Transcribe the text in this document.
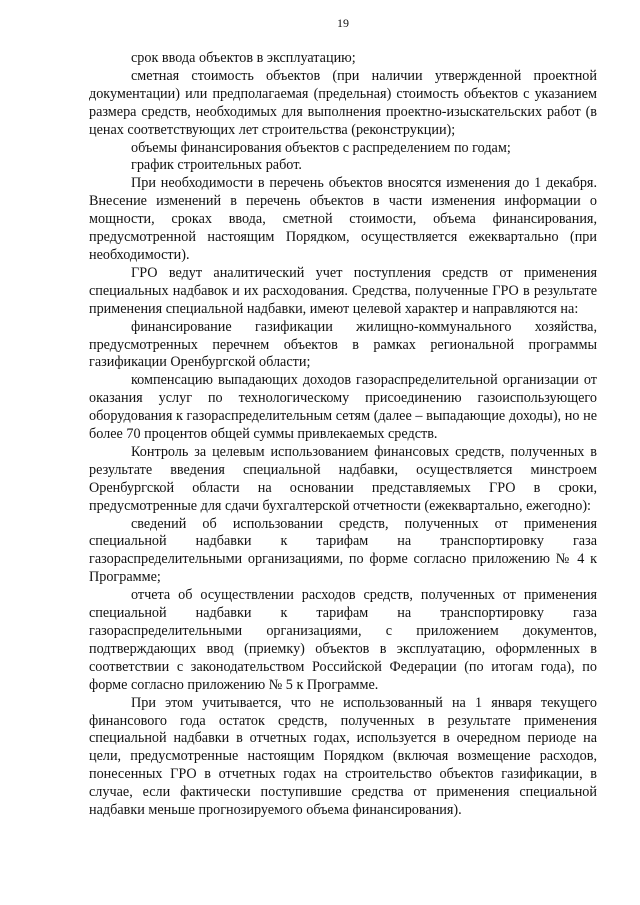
19

срок ввода объектов в эксплуатацию;

сметная стоимость объектов (при наличии утвержденной проектной документации) или предполагаемая (предельная) стоимость объектов с указанием размера средств, необходимых для выполнения проектно-изыскательских работ (в ценах соответствующих лет строительства (реконструкции);

объемы финансирования объектов с распределением по годам;

график строительных работ.

При необходимости в перечень объектов вносятся изменения до 1 декабря. Внесение изменений в перечень объектов в части изменения информации о мощности, сроках ввода, сметной стоимости, объема финансирования, предусмотренной настоящим Порядком, осуществляется ежеквартально (при необходимости).

ГРО ведут аналитический учет поступления средств от применения специальных надбавок и их расходования. Средства, полученные ГРО в результате применения специальной надбавки, имеют целевой характер и направляются на:

финансирование газификации жилищно-коммунального хозяйства, предусмотренных перечнем объектов в рамках региональной программы газификации Оренбургской области;

компенсацию выпадающих доходов газораспределительной организации от оказания услуг по технологическому присоединению газоиспользующего оборудования к газораспределительным сетям (далее – выпадающие доходы), но не более 70 процентов общей суммы привлекаемых средств.

Контроль за целевым использованием финансовых средств, полученных в результате введения специальной надбавки, осуществляется минстроем Оренбургской области на основании представляемых ГРО в сроки, предусмотренные для сдачи бухгалтерской отчетности (ежеквартально, ежегодно):

сведений об использовании средств, полученных от применения специальной надбавки к тарифам на транспортировку газа газораспределительными организациями, по форме согласно приложению № 4 к Программе;

отчета об осуществлении расходов средств, полученных от применения специальной надбавки к тарифам на транспортировку газа газораспределительными организациями, с приложением документов, подтверждающих ввод (приемку) объектов в эксплуатацию, оформленных в соответствии с законодательством Российской Федерации (по итогам года), по форме согласно приложению № 5 к Программе.

При этом учитывается, что не использованный на 1 января текущего финансового года остаток средств, полученных в результате применения специальной надбавки в отчетных годах, используется в очередном периоде на цели, предусмотренные настоящим Порядком (включая возмещение расходов, понесенных ГРО в отчетных годах на строительство объектов газификации, в случае, если фактически поступившие средства от применения специальной надбавки меньше прогнозируемого объема финансирования).
